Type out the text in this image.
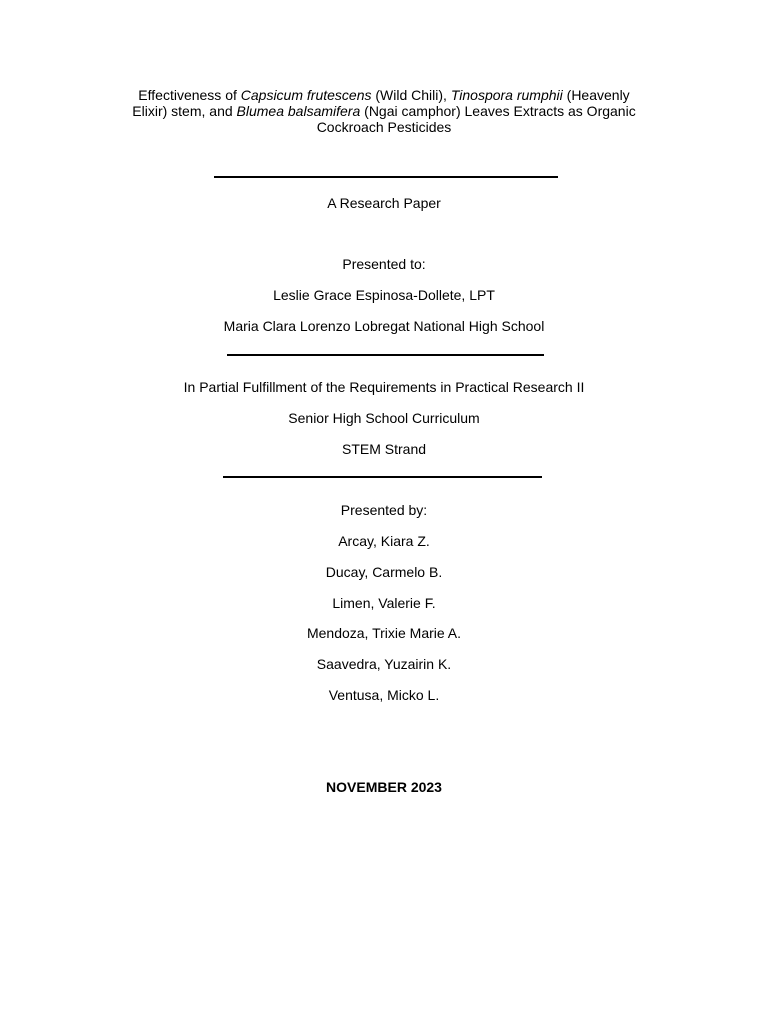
Effectiveness of Capsicum frutescens (Wild Chili), Tinospora rumphii (Heavenly
Elixir) stem, and Blumea balsamifera (Ngai camphor) Leaves Extracts as Organic
Cockroach Pesticides
A Research Paper
Presented to:
Leslie Grace Espinosa-Dollete, LPT
Maria Clara Lorenzo Lobregat National High School
In Partial Fulfillment of the Requirements in Practical Research II
Senior High School Curriculum
STEM Strand
Presented by:
Arcay, Kiara Z.
Ducay, Carmelo B.
Limen, Valerie F.
Mendoza, Trixie Marie A.
Saavedra, Yuzairin K.
Ventusa, Micko L.
NOVEMBER 2023
